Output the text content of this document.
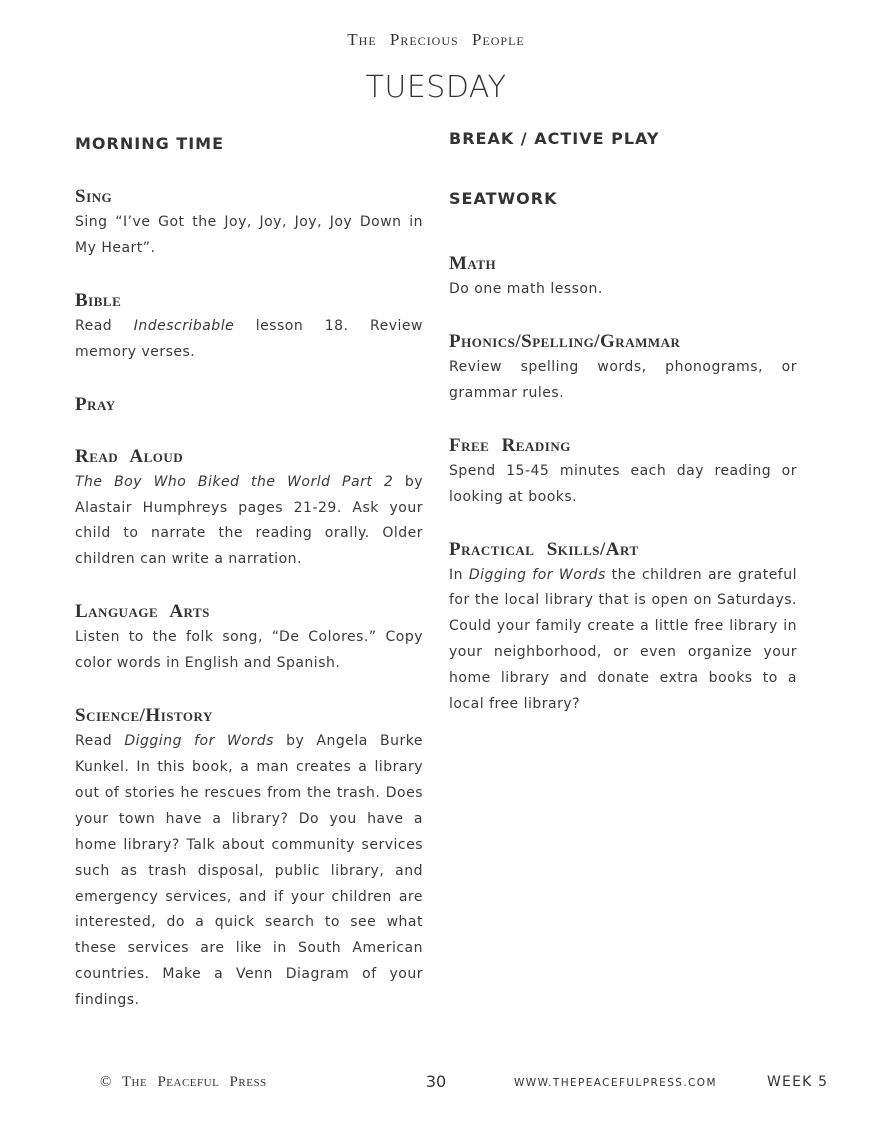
The Precious People
TUESDAY
MORNING TIME
Sing

Sing “I’ve Got the Joy, Joy, Joy, Joy Down in My Heart”.

Bible

Read Indescribable lesson 18. Review memory verses.

Pray
Read Aloud

The Boy Who Biked the World Part 2 by Alastair Humphreys pages 21-29. Ask your child to narrate the reading orally. Older children can write a narration.

Language Arts

Listen to the folk song, “De Colores.” Copy color words in English and Spanish.

Science/History

Read Digging for Words by Angela Burke Kunkel. In this book, a man creates a library out of stories he rescues from the trash. Does your town have a library? Do you have a home library? Talk about community services such as trash disposal, public library, and emergency services, and if your children are interested, do a quick search to see what these services are like in South American countries. Make a Venn Diagram of your findings.

BREAK / ACTIVE PLAY
SEATWORK
Math

Do one math lesson.

Phonics/Spelling/Grammar

Review spelling words, phonograms, or grammar rules.

Free Reading

Spend 15-45 minutes each day reading or looking at books.

Practical Skills/Art

In Digging for Words the children are grateful for the local library that is open on Saturdays. Could your family create a little free library in your neighborhood, or even organize your home library and donate extra books to a local free library?

© The Peaceful Press	30	WWW.THEPEACEFULPRESS.COM	WEEK 5
